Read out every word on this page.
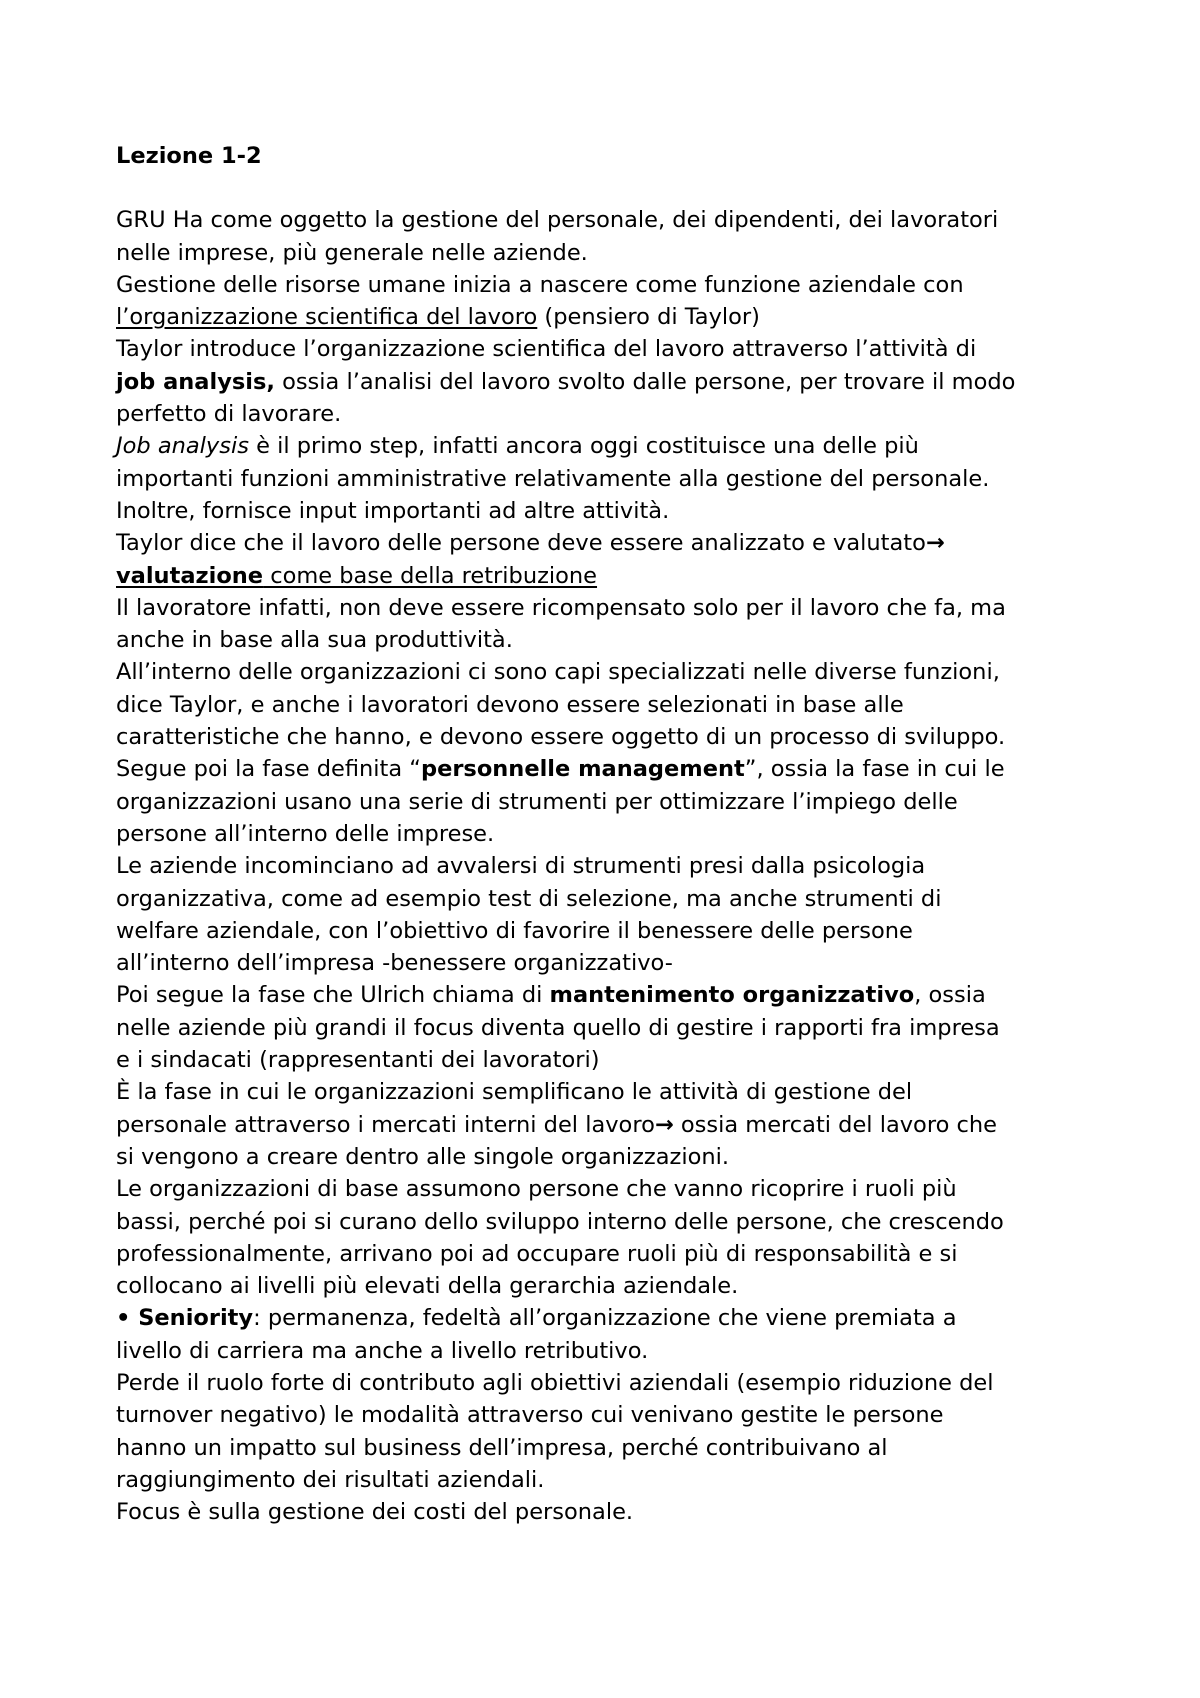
Lezione 1-2
GRU Ha come oggetto la gestione del personale, dei dipendenti, dei lavoratori
nelle imprese, più generale nelle aziende.
Gestione delle risorse umane inizia a nascere come funzione aziendale con
l’organizzazione scientifica del lavoro (pensiero di Taylor)
Taylor introduce l’organizzazione scientifica del lavoro attraverso l’attività di
job analysis, ossia l’analisi del lavoro svolto dalle persone, per trovare il modo
perfetto di lavorare.
Job analysis è il primo step, infatti ancora oggi costituisce una delle più
importanti funzioni amministrative relativamente alla gestione del personale.
Inoltre, fornisce input importanti ad altre attività.
Taylor dice che il lavoro delle persone deve essere analizzato e valutato→
valutazione come base della retribuzione
Il lavoratore infatti, non deve essere ricompensato solo per il lavoro che fa, ma
anche in base alla sua produttività.
All’interno delle organizzazioni ci sono capi specializzati nelle diverse funzioni,
dice Taylor, e anche i lavoratori devono essere selezionati in base alle
caratteristiche che hanno, e devono essere oggetto di un processo di sviluppo.
Segue poi la fase definita “personnelle management”, ossia la fase in cui le
organizzazioni usano una serie di strumenti per ottimizzare l’impiego delle
persone all’interno delle imprese.
Le aziende incominciano ad avvalersi di strumenti presi dalla psicologia
organizzativa, come ad esempio test di selezione, ma anche strumenti di
welfare aziendale, con l’obiettivo di favorire il benessere delle persone
all’interno dell’impresa -benessere organizzativo-
Poi segue la fase che Ulrich chiama di mantenimento organizzativo, ossia
nelle aziende più grandi il focus diventa quello di gestire i rapporti fra impresa
e i sindacati (rappresentanti dei lavoratori)
È la fase in cui le organizzazioni semplificano le attività di gestione del
personale attraverso i mercati interni del lavoro→ ossia mercati del lavoro che
si vengono a creare dentro alle singole organizzazioni.
Le organizzazioni di base assumono persone che vanno ricoprire i ruoli più
bassi, perché poi si curano dello sviluppo interno delle persone, che crescendo
professionalmente, arrivano poi ad occupare ruoli più di responsabilità e si
collocano ai livelli più elevati della gerarchia aziendale.
• Seniority: permanenza, fedeltà all’organizzazione che viene premiata a
livello di carriera ma anche a livello retributivo.
Perde il ruolo forte di contributo agli obiettivi aziendali (esempio riduzione del
turnover negativo) le modalità attraverso cui venivano gestite le persone
hanno un impatto sul business dell’impresa, perché contribuivano al
raggiungimento dei risultati aziendali.
Focus è sulla gestione dei costi del personale.
